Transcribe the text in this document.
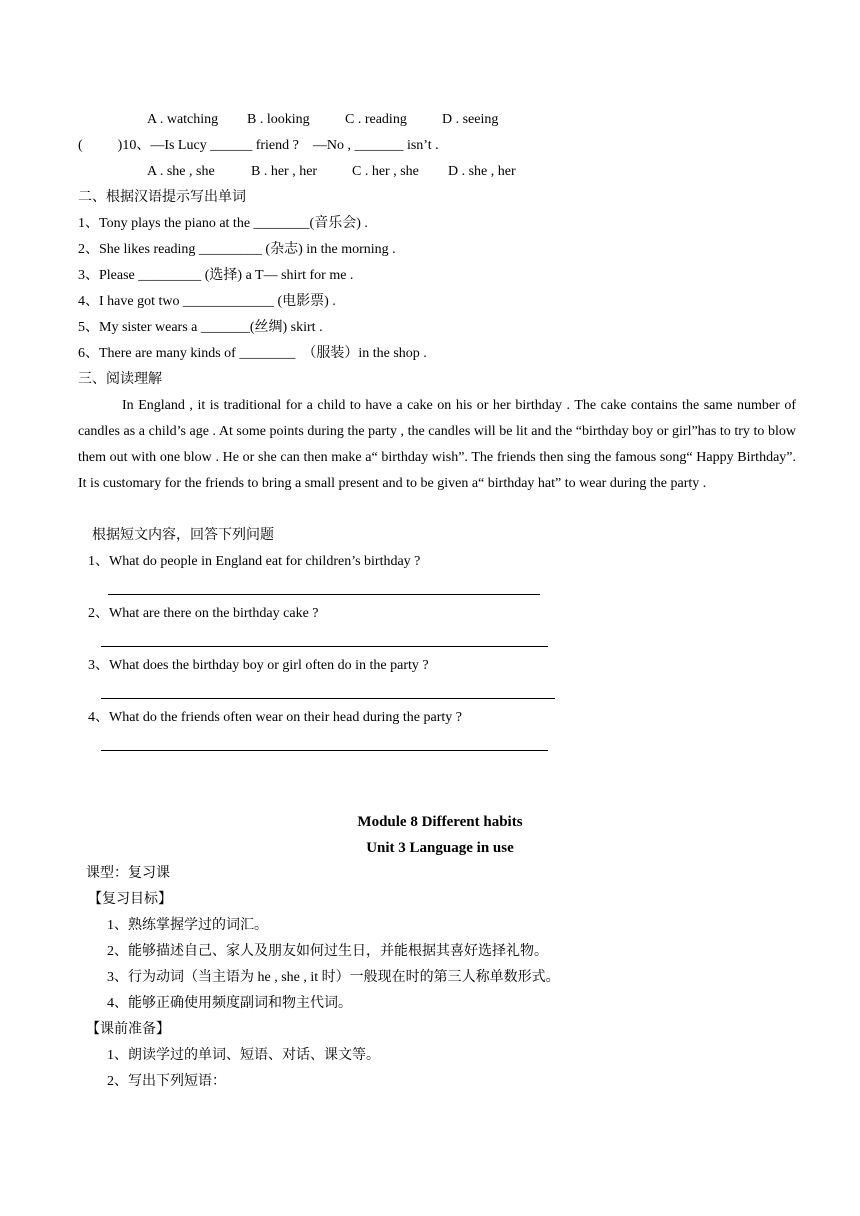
A . watching B . looking	C . reading	D . seeing
(          )10、—Is Lucy ______ friend ?    —No , _______ isn’t .
A . she , she	B . her , her C . her , she D . she , her
二、根据汉语提示写出单词
1、Tony plays the piano at the ________(音乐会) .
2、She likes reading _________ (杂志) in the morning .
3、Please _________ (选择) a T— shirt for me .
4、I have got two _____________ (电影票) .
5、My sister wears a _______(丝绸) skirt .
6、There are many kinds of ________  （服装）in the shop .
三、阅读理解
In England , it is traditional for a child to have a cake on his or her birthday . The cake contains the same number of candles as a child’s age . At some points during the party , the candles will be lit and the “birthday boy or girl”has to try to blow them out with one blow . He or she can then make a“ birthday wish”. The friends then sing the famous song“ Happy Birthday”. It is customary for the friends to bring a small present and to be given a“ birthday hat” to wear during the party .
根据短文内容，回答下列问题
1、What do people in England eat for children’s birthday ?
2、What are there on the birthday cake ?
3、What does the birthday boy or girl often do in the party ?
4、What do the friends often wear on their head during the party ?
Module 8 Different habits
Unit 3 Language in use
课型：复习课
【复习目标】
1、熟练掌握学过的词汇。
2、能够描述自己、家人及朋友如何过生日，并能根据其喜好选择礼物。
3、行为动词（当主语为 he , she , it 时）一般现在时的第三人称单数形式。
4、能够正确使用频度副词和物主代词。
【课前准备】
1、朗读学过的单词、短语、对话、课文等。
2、写出下列短语：
